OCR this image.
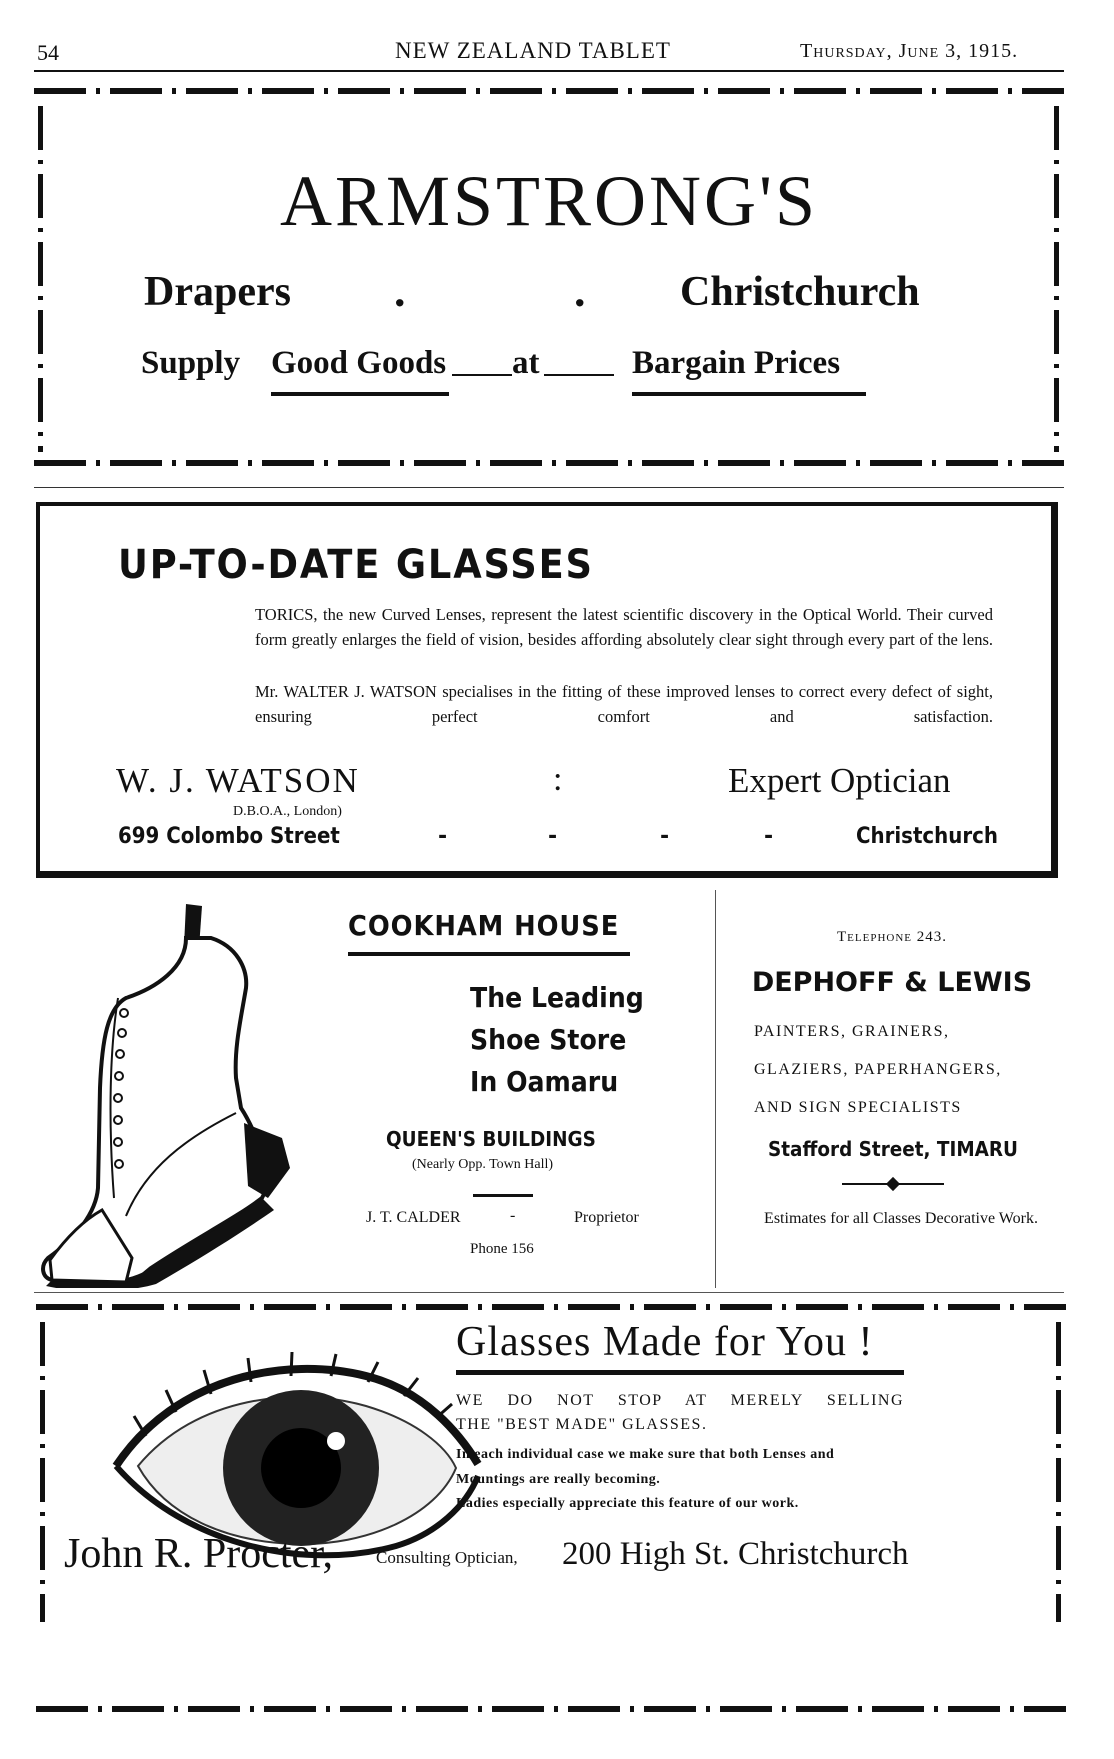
54	NEW ZEALAND TABLET	Thursday, June 3, 1915.
ARMSTRONG'S
Drapers .	. Christchurch
Supply Good Goods at	Bargain Prices
UP-TO-DATE GLASSES
TORICS, the new Curved Lenses, represent the latest scientific discovery in the Optical World. Their curved form greatly enlarges the field of vision, besides affording absolutely clear sight through every part of the lens.
Mr. WALTER J. WATSON specialises in the fitting of these improved lenses to correct every defect of sight, ensuring perfect comfort and satisfaction.
W. J. WATSON	:	Expert Optician
D.B.O.A., London)
699 Colombo Street	-	-	-	-	Christchurch
COOKHAM HOUSE
The Leading
Shoe Store
In Oamaru
QUEEN'S BUILDINGS
(Nearly Opp. Town Hall)
J. T. CALDER	-	Proprietor
Phone 156
Telephone 243.
DEPHOFF & LEWIS
PAINTERS, GRAINERS,
GLAZIERS, PAPERHANGERS,
AND SIGN SPECIALISTS
Stafford Street, TIMARU
Estimates for all Classes Decorative Work.
Glasses Made for You !
WE DO NOT STOP AT MERELY SELLING
THE "BEST MADE" GLASSES.
In each individual case we make sure that both Lenses and Mountings are really becoming.
Ladies especially appreciate this feature of our work.
John R. Procter,	Consulting Optician, 200 High St. Christchurch
